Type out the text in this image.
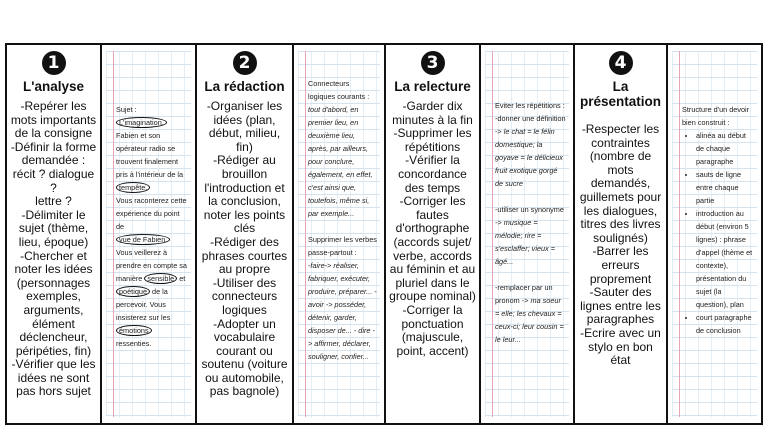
1
L'analyse
-Repérer les
mots importants
de la consigne
-Définir la forme
demandée :
récit ? dialogue ?
lettre ?
-Délimiter le
sujet (thème,
lieu, époque)
-Chercher et
noter les idées
(personnages
exemples,
arguments,
élément
déclencheur,
péripéties, fin)
-Vérifier que les
idées ne sont
pas hors sujet

Sujet :

L'imagination.

Fabien et son

opérateur radio se

trouvent finalement

pris à l'intérieur de la

tempête.

Vous raconterez cette

expérience du point de

vue de Fabien.

Vous veillerez à

prendre en compte sa

manière sensible et

poétique de la

percevoir. Vous

insisterez sur les

émotions ressenties.

2
La rédaction
-Organiser les
idées (plan,
début, milieu,
fin)
-Rédiger au
brouillon
l'introduction et
la conclusion,
noter les points
clés
-Rédiger des
phrases courtes
au propre
-Utiliser des
connecteurs
logiques
-Adopter un
vocabulaire
courant ou
soutenu (voiture
ou automobile,
pas bagnole)

Connecteurs logiques courants :

tout d'abord, en premier lieu, en deuxième lieu, après, par ailleurs, pour conclure, également, en effet, c'est ainsi que, toutefois, même si, par exemple...

Supprimer les verbes passe-partout :

-faire-> réaliser, fabriquer, exécuter, produire, préparer... -avoir -> posséder, détenir, garder, disposer de... - dire -> affirmer, déclarer, souligner, confier...

3
La relecture
-Garder dix
minutes à la fin
-Supprimer les
répétitions
-Vérifier la
concordance
des temps
-Corriger les
fautes
d'orthographe
(accords sujet/
verbe, accords
au féminin et au
pluriel dans le
groupe nominal)
-Corriger la
ponctuation
(majuscule,
point, accent)

Eviter les répétitions :

-donner une définition -> le chat = le félin domestique; la goyave = le délicieux fruit exotique gorgé de sucre

-utiliser un synonyme -> musique = mélodie; rire = s'esclaffer; vieux = âgé...

-remplacer par un pronom -> ma soeur = elle; les chevaux = ceux-ci; leur cousin = le leur...

4
La
présentation
-Respecter les
contraintes
(nombre de
mots demandés,
guillemets pour
les dialogues,
titres des livres
soulignés)
-Barrer les
erreurs
proprement
-Sauter des
lignes entre les
paragraphes
-Ecrire avec un
stylo en bon état

Structure d'un devoir bien construit :

• alinéa au début de chaque paragraphe
• sauts de ligne entre chaque partie
• introduction au début (environ 5 lignes) : phrase d'appel (thème et contexte), présentation du sujet (la question), plan
• court paragraphe de conclusion
